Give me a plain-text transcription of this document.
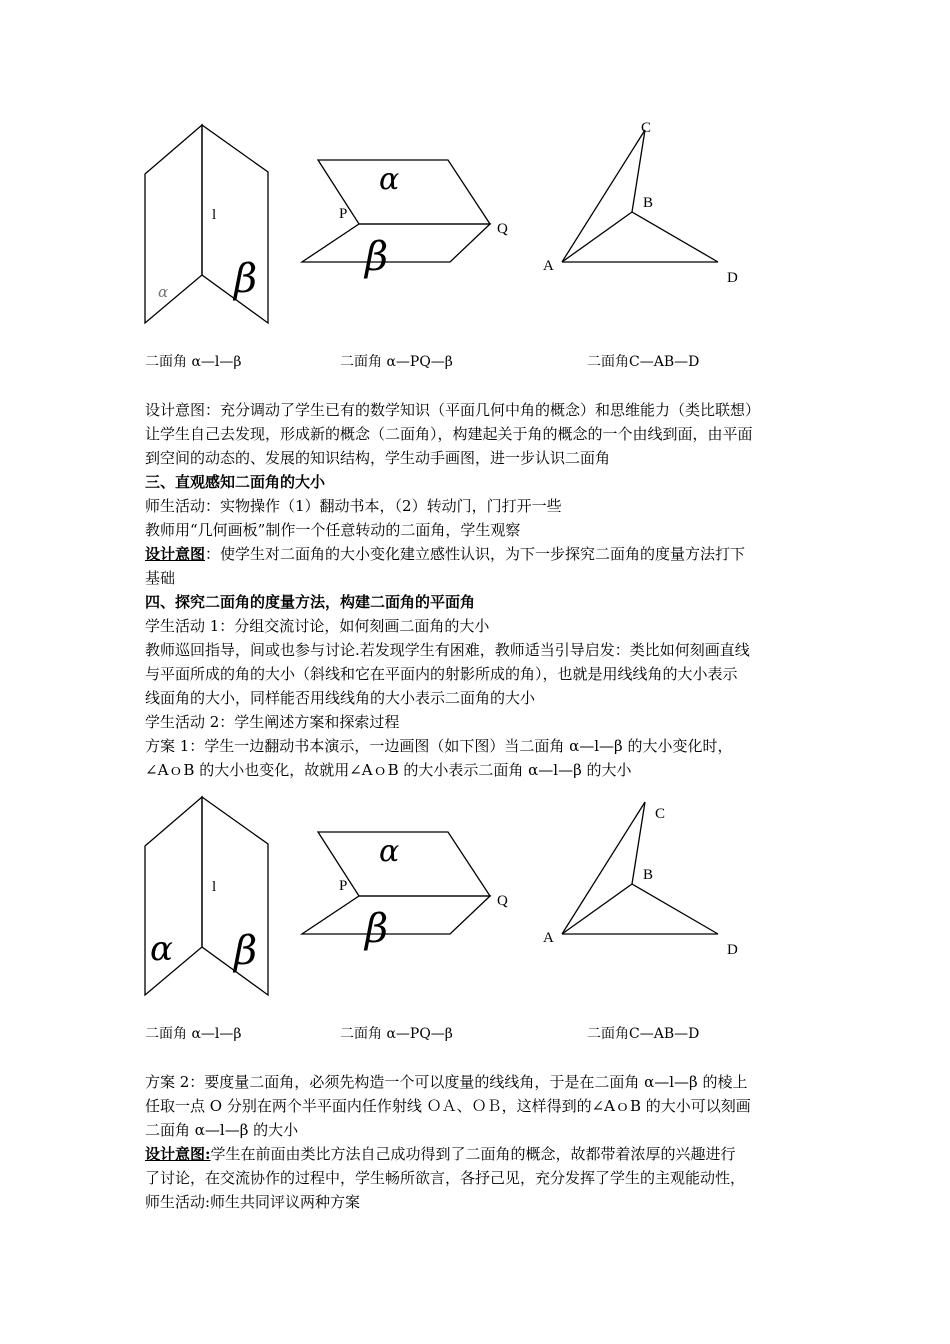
l
α β
α
β
P
Q
C
B
A
D
二面角 α—l—β	二面角 α—PQ—β	二面角C—AB—D
设计意图：充分调动了学生已有的数学知识（平面几何中角的概念）和思维能力（类比联想）
让学生自己去发现，形成新的概念（二面角），构建起关于角的概念的一个由线到面，由平面
到空间的动态的、发展的知识结构，学生动手画图，进一步认识二面角
三、直观感知二面角的大小
师生活动：实物操作（1）翻动书本，（2）转动门，门打开一些
教师用“几何画板”制作一个任意转动的二面角，学生观察
设计意图：使学生对二面角的大小变化建立感性认识，为下一步探究二面角的度量方法打下
基础
四、探究二面角的度量方法，构建二面角的平面角
学生活动 1：分组交流讨论，如何刻画二面角的大小
教师巡回指导，间或也参与讨论.若发现学生有困难，教师适当引导启发：类比如何刻画直线
与平面所成的角的大小（斜线和它在平面内的射影所成的角），也就是用线线角的大小表示
线面角的大小，同样能否用线线角的大小表示二面角的大小
学生活动 2：学生阐述方案和探索过程
方案 1：学生一边翻动书本演示，一边画图（如下图）当二面角 α—l—β 的大小变化时，
∠AｏB 的大小也变化，故就用∠AｏB 的大小表示二面角 α—l—β 的大小
l
α β
α
β
P
Q
C
B
A
D
二面角 α—l—β	二面角 α—PQ—β	二面角C—AB—D
方案 2：要度量二面角，必须先构造一个可以度量的线线角，于是在二面角 α—l—β 的棱上
任取一点 O 分别在两个半平面内任作射线 ＯＡ、ＯＢ，这样得到的∠AｏB 的大小可以刻画
二面角 α—l—β 的大小
设计意图:学生在前面由类比方法自己成功得到了二面角的概念，故都带着浓厚的兴趣进行
了讨论，在交流协作的过程中，学生畅所欲言，各抒己见，充分发挥了学生的主观能动性，
师生活动:师生共同评议两种方案
